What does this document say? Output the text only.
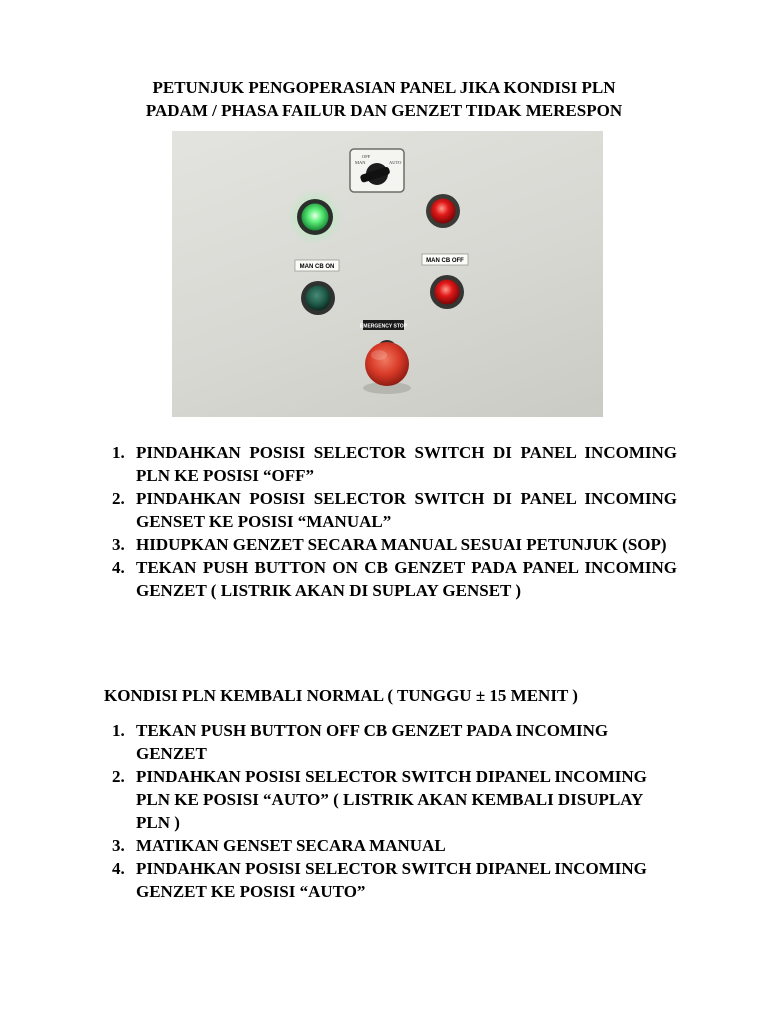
PETUNJUK PENGOPERASIAN PANEL JIKA KONDISI PLN
PADAM / PHASA FAILUR DAN GENZET TIDAK MERESPON
OFF
MAN	AUTO
MAN CB ON
MAN CB OFF
EMERGENCY STOP
1. PINDAHKAN POSISI SELECTOR SWITCH DI PANEL INCOMING PLN KE POSISI “OFF”
2. PINDAHKAN POSISI SELECTOR SWITCH DI PANEL INCOMING GENSET KE POSISI “MANUAL”
3. HIDUPKAN GENZET SECARA MANUAL SESUAI PETUNJUK (SOP)
4. TEKAN PUSH BUTTON ON CB GENZET PADA PANEL INCOMING GENZET ( LISTRIK AKAN DI SUPLAY GENSET )
KONDISI PLN KEMBALI NORMAL ( TUNGGU ± 15 MENIT )
1. TEKAN PUSH BUTTON OFF CB GENZET PADA INCOMING GENZET
2. PINDAHKAN POSISI SELECTOR SWITCH DIPANEL INCOMING PLN KE POSISI “AUTO” ( LISTRIK AKAN KEMBALI DISUPLAY PLN )
3. MATIKAN GENSET SECARA MANUAL
4. PINDAHKAN POSISI SELECTOR SWITCH DIPANEL INCOMING GENZET KE POSISI “AUTO”
